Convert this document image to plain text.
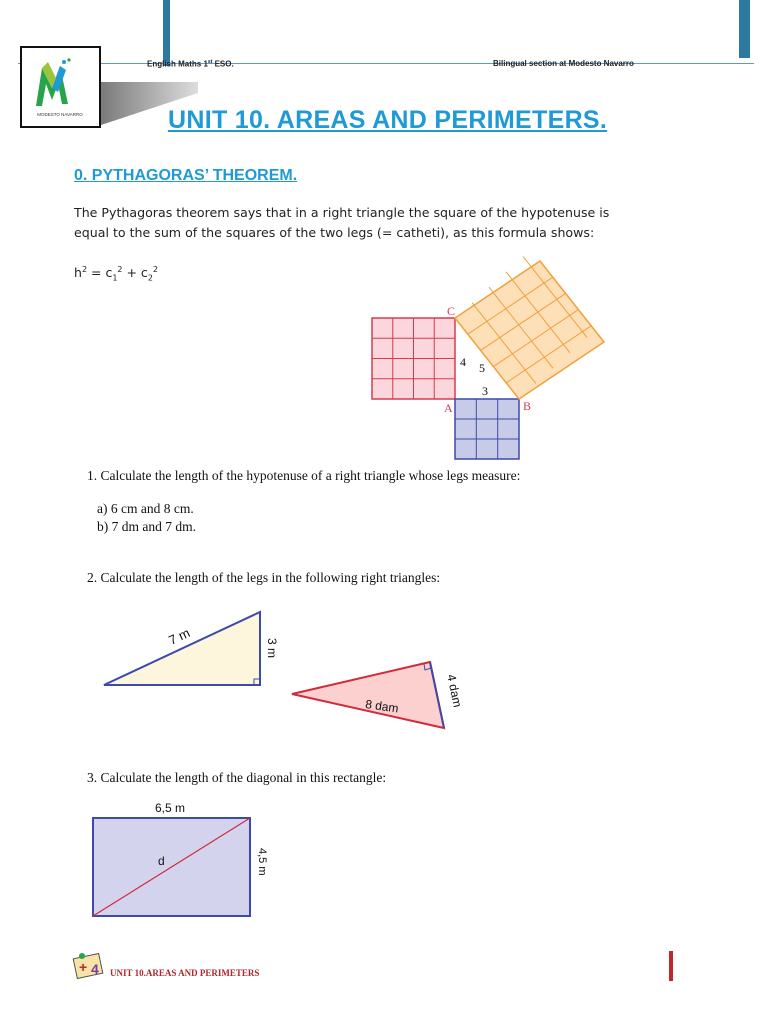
MODESTO NAVARRO
English Maths 1st ESO.	Bilingual section at Modesto Navarro
UNIT 10. AREAS AND PERIMETERS.
0. PYTHAGORAS’ THEOREM.
The Pythagoras theorem says that in a right triangle the square of the hypotenuse is
equal to the sum of the squares of the two legs (= catheti), as this formula shows:
$h^2 = c_1^2 + c_2^2$
C
A	B
4 5
3
1. Calculate the length of the hypotenuse of a right triangle whose legs measure:
a) 6 cm and 8 cm.
b) 7 dm and 7 dm.
2. Calculate the length of the legs in the following right triangles:
7 m
3 m
8 dam	4 dam
3. Calculate the length of the diagonal in this rectangle:
6,5 m
d	4,5 m
+ 4 UNIT 10.AREAS AND PERIMETERS
